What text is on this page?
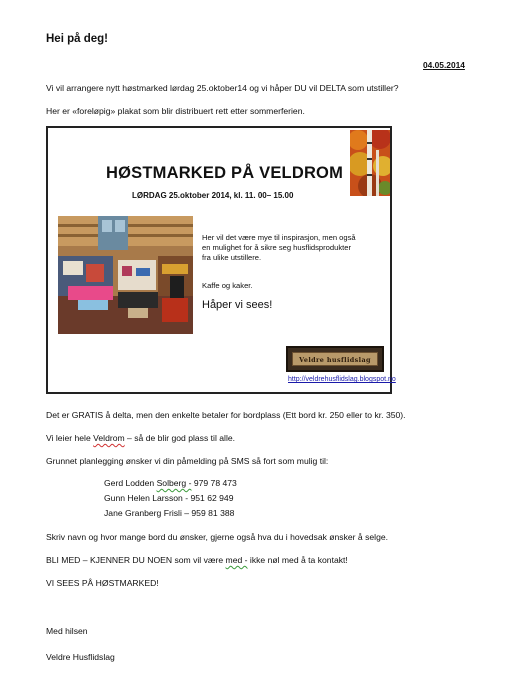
Hei på deg!
04.05.2014
Vi vil arrangere nytt høstmarked lørdag 25.oktober14 og vi håper DU vil DELTA som utstiller?
Her er «foreløpig» plakat som blir distribuert rett etter sommerferien.
HØSTMARKED PÅ VELDROM
LØRDAG 25.oktober 2014, kl. 11. 00– 15.00
Her vil det være mye til inspirasjon, men også
en mulighet for å sikre seg husflidsprodukter
fra ulike utstillere.
Kaffe og kaker.
Håper vi sees!
Veldre husflidslag
http://veldrehusflidslag.blogspot.no
Det er GRATIS å delta, men den enkelte betaler for bordplass (Ett bord kr. 250 eller to kr. 350).
Vi leier hele Veldrom – så de blir god plass til alle.
Grunnet planlegging ønsker vi din påmelding på SMS så fort som mulig til:
Gerd Lodden Solberg - 979 78 473
Gunn Helen Larsson - 951 62 949
Jane Granberg Frisli – 959 81 388
Skriv navn og hvor mange bord du ønsker, gjerne også hva du i hovedsak ønsker å selge.
BLI MED – KJENNER DU NOEN som vil være med - ikke nøl med å ta kontakt!
VI SEES PÅ HØSTMARKED!
Med hilsen
Veldre Husflidslag
